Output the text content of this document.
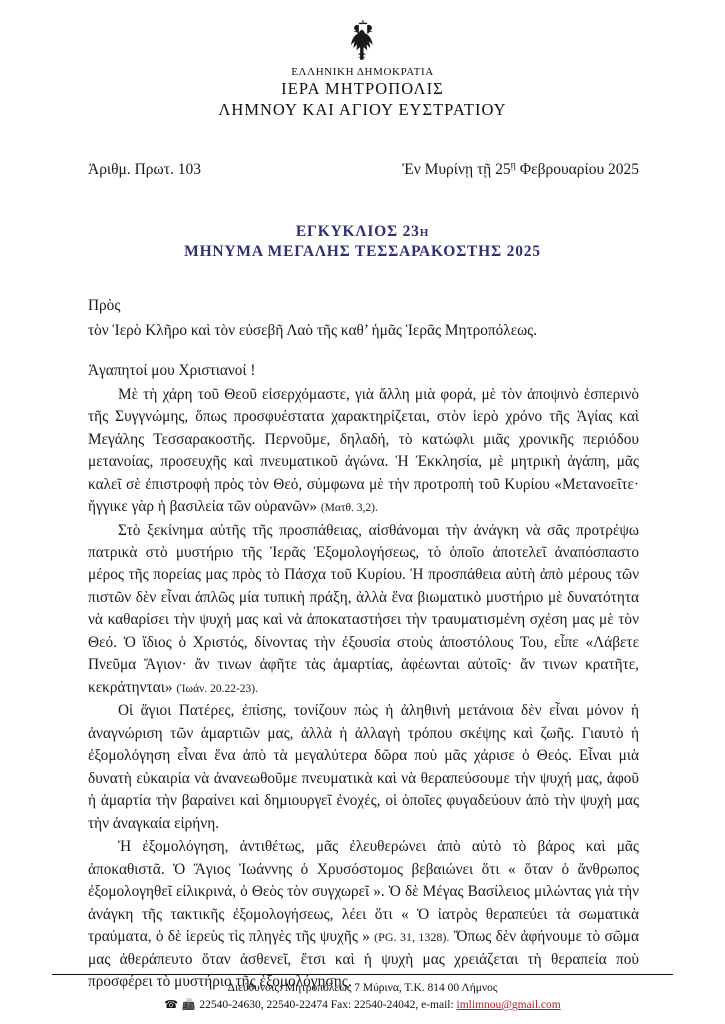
ΕΛΛΗΝΙΚΗ ΔΗΜΟΚΡΑΤΙΑ
ΙΕΡΑ ΜΗΤΡΟΠΟΛΙΣ
ΛΗΜΝΟΥ ΚΑΙ ΑΓΙΟΥ ΕΥΣΤΡΑΤΙΟΥ
Ἀριθμ. Πρωτ. 103	Ἐν Μυρίνῃ τῇ $25^ῃ$ Φεβρουαρίου 2025
ΕΓΚΥΚΛΙΟΣ 23η
ΜΗΝΥΜΑ ΜΕΓΑΛΗΣ ΤΕΣΣΑΡΑΚΟΣΤΗΣ 2025

Πρὸς

τὸν Ἱερὸ Κλῆρο καὶ τὸν εὐσεβῆ Λαὸ τῆς καθ’ ἡμᾶς Ἱερᾶς Μητροπόλεως.

Ἀγαπητοί μου Χριστιανοί !

Μὲ τὴ χάρη τοῦ Θεοῦ εἰσερχόμαστε, γιὰ ἄλλη μιὰ φορά, μὲ τὸν ἀποψινὸ ἑσπερινὸ τῆς Συγγνώμης, ὅπως προσφυέστατα χαρακτηρίζεται, στὸν ἱερὸ χρόνο τῆς Ἁγίας καὶ Μεγάλης Τεσσαρακοστῆς. Περνοῦμε, δηλαδή, τὸ κατώφλι μιᾶς χρονικῆς περιόδου μετανοίας, προσευχῆς καὶ πνευματικοῦ ἀγώνα. Ἡ Ἐκκλησία, μὲ μητρικὴ ἀγάπη, μᾶς καλεῖ σὲ ἐπιστροφὴ πρὸς τὸν Θεό, σύμφωνα μὲ τὴν προτροπὴ τοῦ Κυρίου «Μετανοεῖτε· ἤγγικε γὰρ ἡ βασιλεία τῶν οὐρανῶν» (Ματθ. 3,2).

Στὸ ξεκίνημα αὐτῆς τῆς προσπάθειας, αἰσθάνομαι τὴν ἀνάγκη νὰ σᾶς προτρέψω πατρικὰ στὸ μυστήριο τῆς Ἱερᾶς Ἐξομολογήσεως, τὸ ὁποῖο ἀποτελεῖ ἀναπόσπαστο μέρος τῆς πορείας μας πρὸς τὸ Πάσχα τοῦ Κυρίου. Ἡ προσπάθεια αὐτὴ ἀπὸ μέρους τῶν πιστῶν δὲν εἶναι ἁπλῶς μία τυπικὴ πράξη, ἀλλὰ ἕνα βιωματικὸ μυστήριο μὲ δυνατότητα νὰ καθαρίσει τὴν ψυχή μας καὶ νὰ ἀποκαταστήσει τὴν τραυματισμένη σχέση μας μὲ τὸν Θεό. Ὁ ἴδιος ὁ Χριστός, δίνοντας τὴν ἐξουσία στοὺς ἀποστόλους Του, εἶπε «Λάβετε Πνεῦμα Ἅγιον· ἄν τινων ἀφῆτε τὰς ἁμαρτίας, ἀφέωνται αὐτοῖς· ἄν τινων κρατῆτε, κεκράτηνται» (Ἰωάν. 20.22-23).

Οἱ ἅγιοι Πατέρες, ἐπίσης, τονίζουν πὼς ἡ ἀληθινὴ μετάνοια δὲν εἶναι μόνον ἡ ἀναγνώριση τῶν ἁμαρτιῶν μας, ἀλλὰ ἡ ἀλλαγὴ τρόπου σκέψης καὶ ζωῆς. Γιαυτὸ ἡ ἐξομολόγηση εἶναι ἕνα ἀπὸ τὰ μεγαλύτερα δῶρα ποὺ μᾶς χάρισε ὁ Θεός. Εἶναι μιὰ δυνατὴ εὐκαιρία νὰ ἀνανεωθοῦμε πνευματικὰ καὶ νὰ θεραπεύσουμε τὴν ψυχή μας, ἀφοῦ ἡ ἁμαρτία τὴν βαραίνει καὶ δημιουργεῖ ἐνοχές, οἱ ὁποῖες φυγαδεύουν ἀπὸ τὴν ψυχὴ μας τὴν ἀναγκαία εἰρήνη.

Ἡ ἐξομολόγηση, ἀντιθέτως, μᾶς ἐλευθερώνει ἀπὸ αὐτὸ τὸ βάρος καὶ μᾶς ἀποκαθιστᾶ. Ὁ Ἅγιος Ἰωάννης ὁ Χρυσόστομος βεβαιώνει ὅτι « ὅταν ὁ ἄνθρωπος ἐξομολογηθεῖ εἰλικρινά, ὁ Θεὸς τὸν συγχωρεῖ ». Ὁ δὲ Μέγας Βασίλειος μιλώντας γιὰ τὴν ἀνάγκη τῆς τακτικῆς ἐξομολογήσεως, λέει ὅτι « Ὁ ἰατρὸς θεραπεύει τὰ σωματικὰ τραύματα, ὁ δὲ ἱερεὺς τὶς πληγὲς τῆς ψυχῆς » (PG. 31, 1328). Ὅπως δὲν ἀφήνουμε τὸ σῶμα μας ἀθεράπευτο ὅταν ἀσθενεῖ, ἔτσι καὶ ἡ ψυχὴ μας χρειάζεται τὴ θεραπεία ποὺ προσφέρει τὸ μυστήριο τῆς ἐξομολόγησης.

Διεύθυνσις: Μητροπόλεως 7 Μύρινα, Τ.Κ. 814 00 Λήμνος
☎ 📠 22540-24630, 22540-22474 Fax: 22540-24042, e-mail: imlimnou@gmail.com
